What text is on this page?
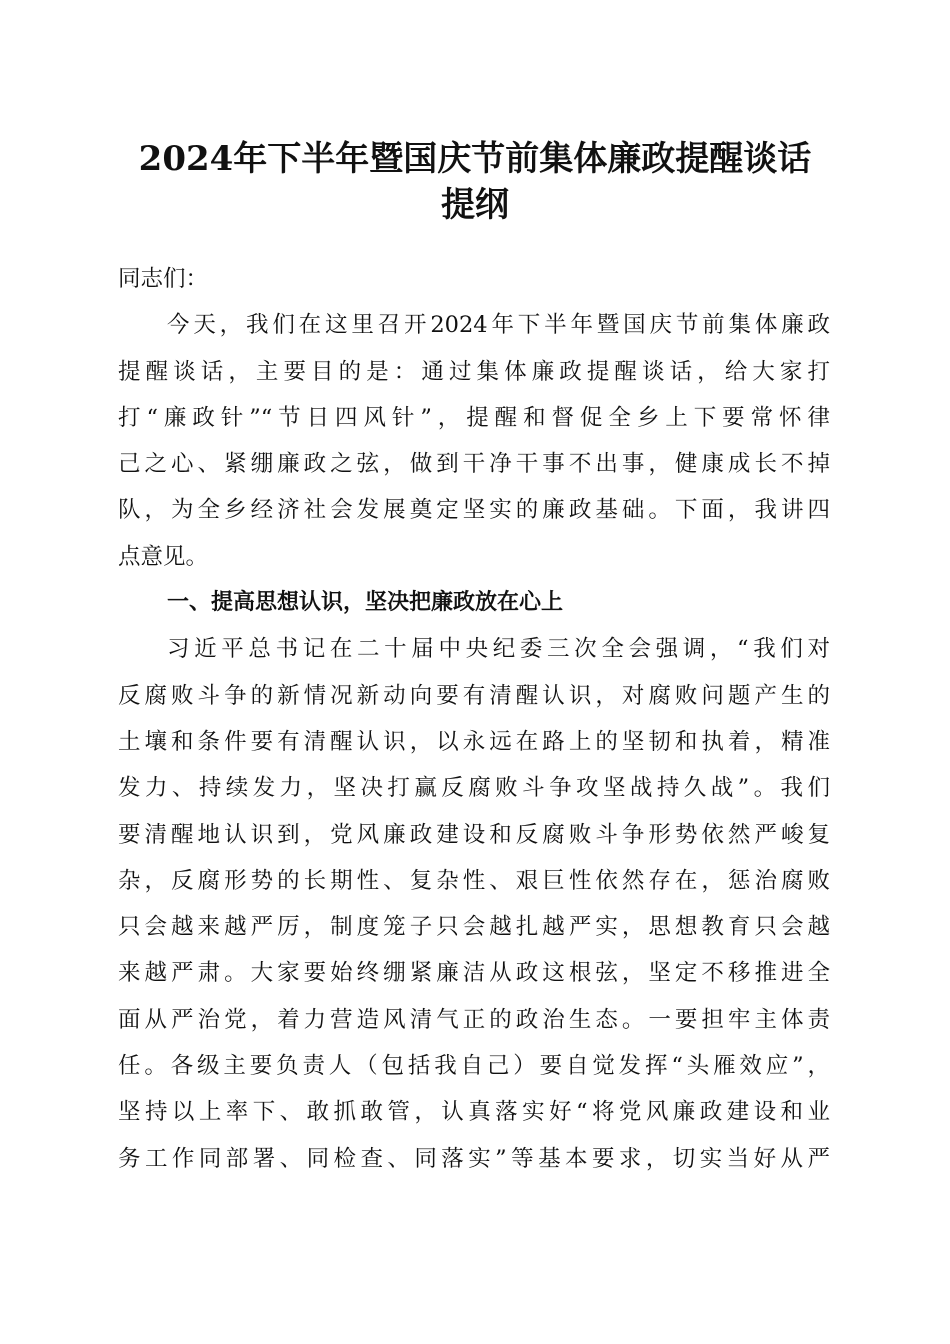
2024年下半年暨国庆节前集体廉政提醒谈话
提纲
同志们：
今天，我们在这里召开2024年下半年暨国庆节前集体廉政
提醒谈话，主要目的是：通过集体廉政提醒谈话，给大家打
打“廉政针”“节日四风针”，提醒和督促全乡上下要常怀律
己之心、紧绷廉政之弦，做到干净干事不出事，健康成长不掉
队，为全乡经济社会发展奠定坚实的廉政基础。下面，我讲四
点意见。
一、提高思想认识，坚决把廉政放在心上
习近平总书记在二十届中央纪委三次全会强调，“我们对
反腐败斗争的新情况新动向要有清醒认识，对腐败问题产生的
土壤和条件要有清醒认识，以永远在路上的坚韧和执着，精准
发力、持续发力，坚决打赢反腐败斗争攻坚战持久战”。我们
要清醒地认识到，党风廉政建设和反腐败斗争形势依然严峻复
杂，反腐形势的长期性、复杂性、艰巨性依然存在，惩治腐败
只会越来越严厉，制度笼子只会越扎越严实，思想教育只会越
来越严肃。大家要始终绷紧廉洁从政这根弦，坚定不移推进全
面从严治党，着力营造风清气正的政治生态。一要担牢主体责
任。各级主要负责人（包括我自己）要自觉发挥“头雁效应”，
坚持以上率下、敢抓敢管，认真落实好“将党风廉政建设和业
务工作同部署、同检查、同落实”等基本要求，切实当好从严
